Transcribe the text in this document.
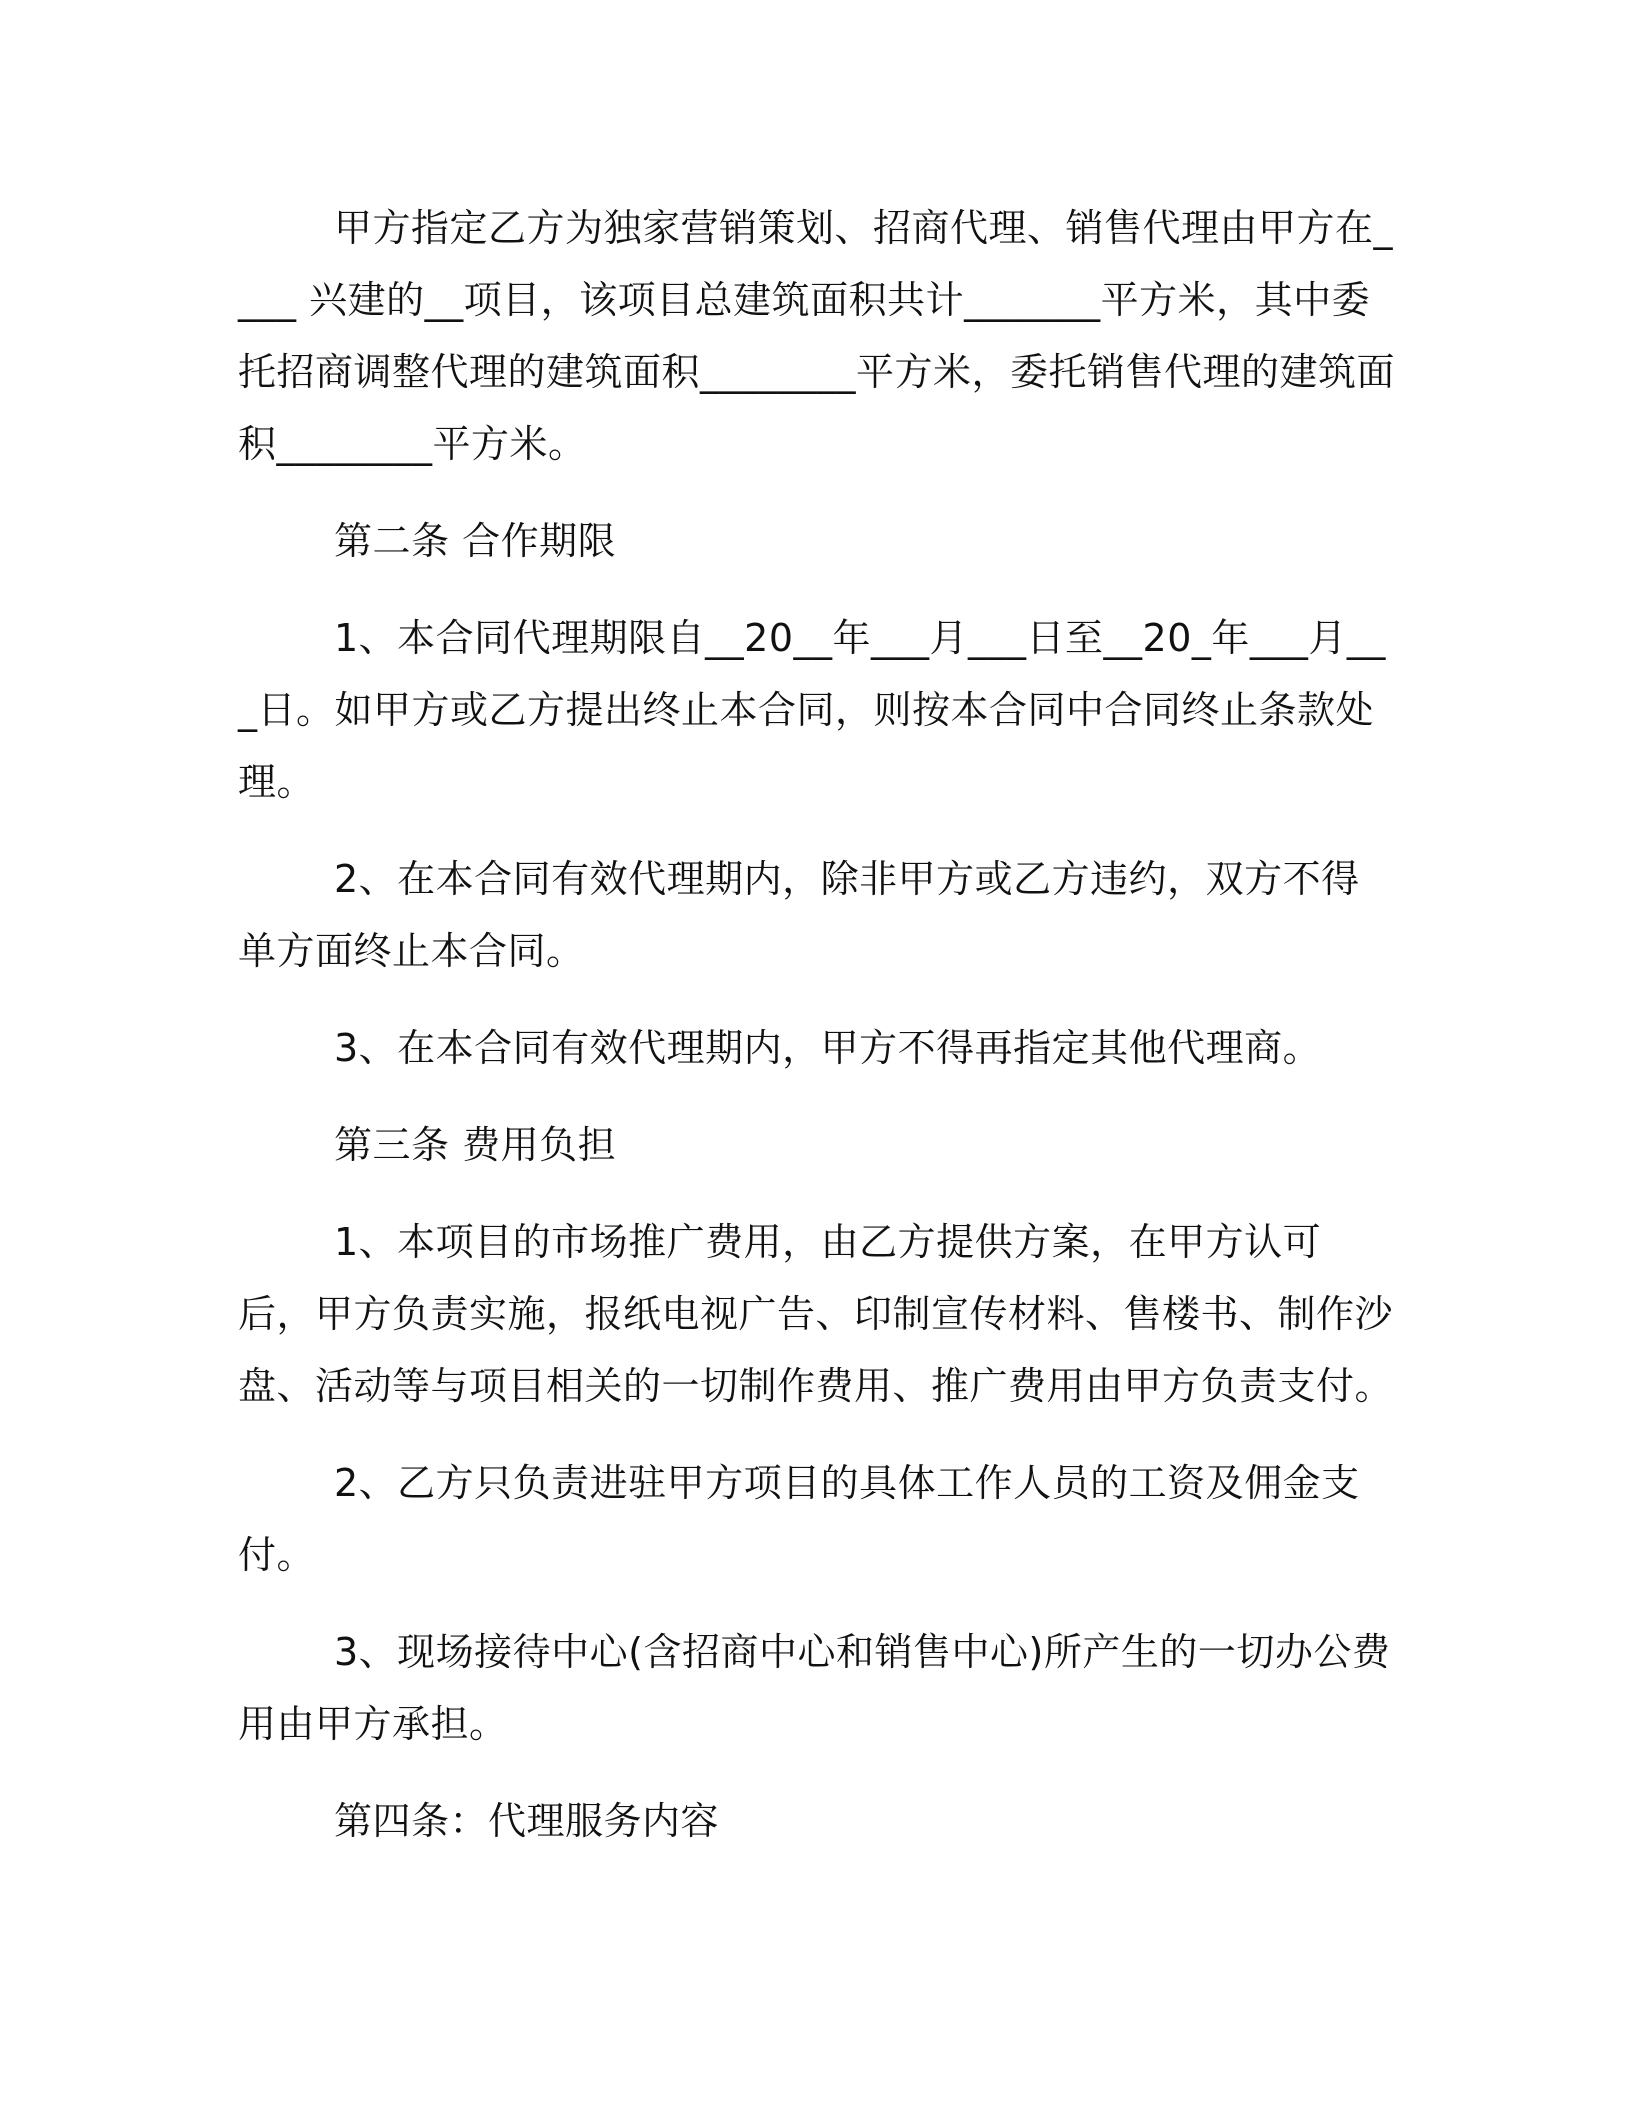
甲方指定乙方为独家营销策划、招商代理、销售代理由甲方在____ 兴建的__项目，该项目总建筑面积共计_______平方米，其中委托招商调整代理的建筑面积________平方米，委托销售代理的建筑面积________平方米。

第二条 合作期限

1、本合同代理期限自__20__年___月___日至__20_年___月___日。如甲方或乙方提出终止本合同，则按本合同中合同终止条款处理。

2、在本合同有效代理期内，除非甲方或乙方违约，双方不得单方面终止本合同。

3、在本合同有效代理期内，甲方不得再指定其他代理商。

第三条 费用负担

1、本项目的市场推广费用，由乙方提供方案，在甲方认可后，甲方负责实施，报纸电视广告、印制宣传材料、售楼书、制作沙盘、活动等与项目相关的一切制作费用、推广费用由甲方负责支付。

2、乙方只负责进驻甲方项目的具体工作人员的工资及佣金支付。

3、现场接待中心(含招商中心和销售中心)所产生的一切办公费用由甲方承担。

第四条：代理服务内容
